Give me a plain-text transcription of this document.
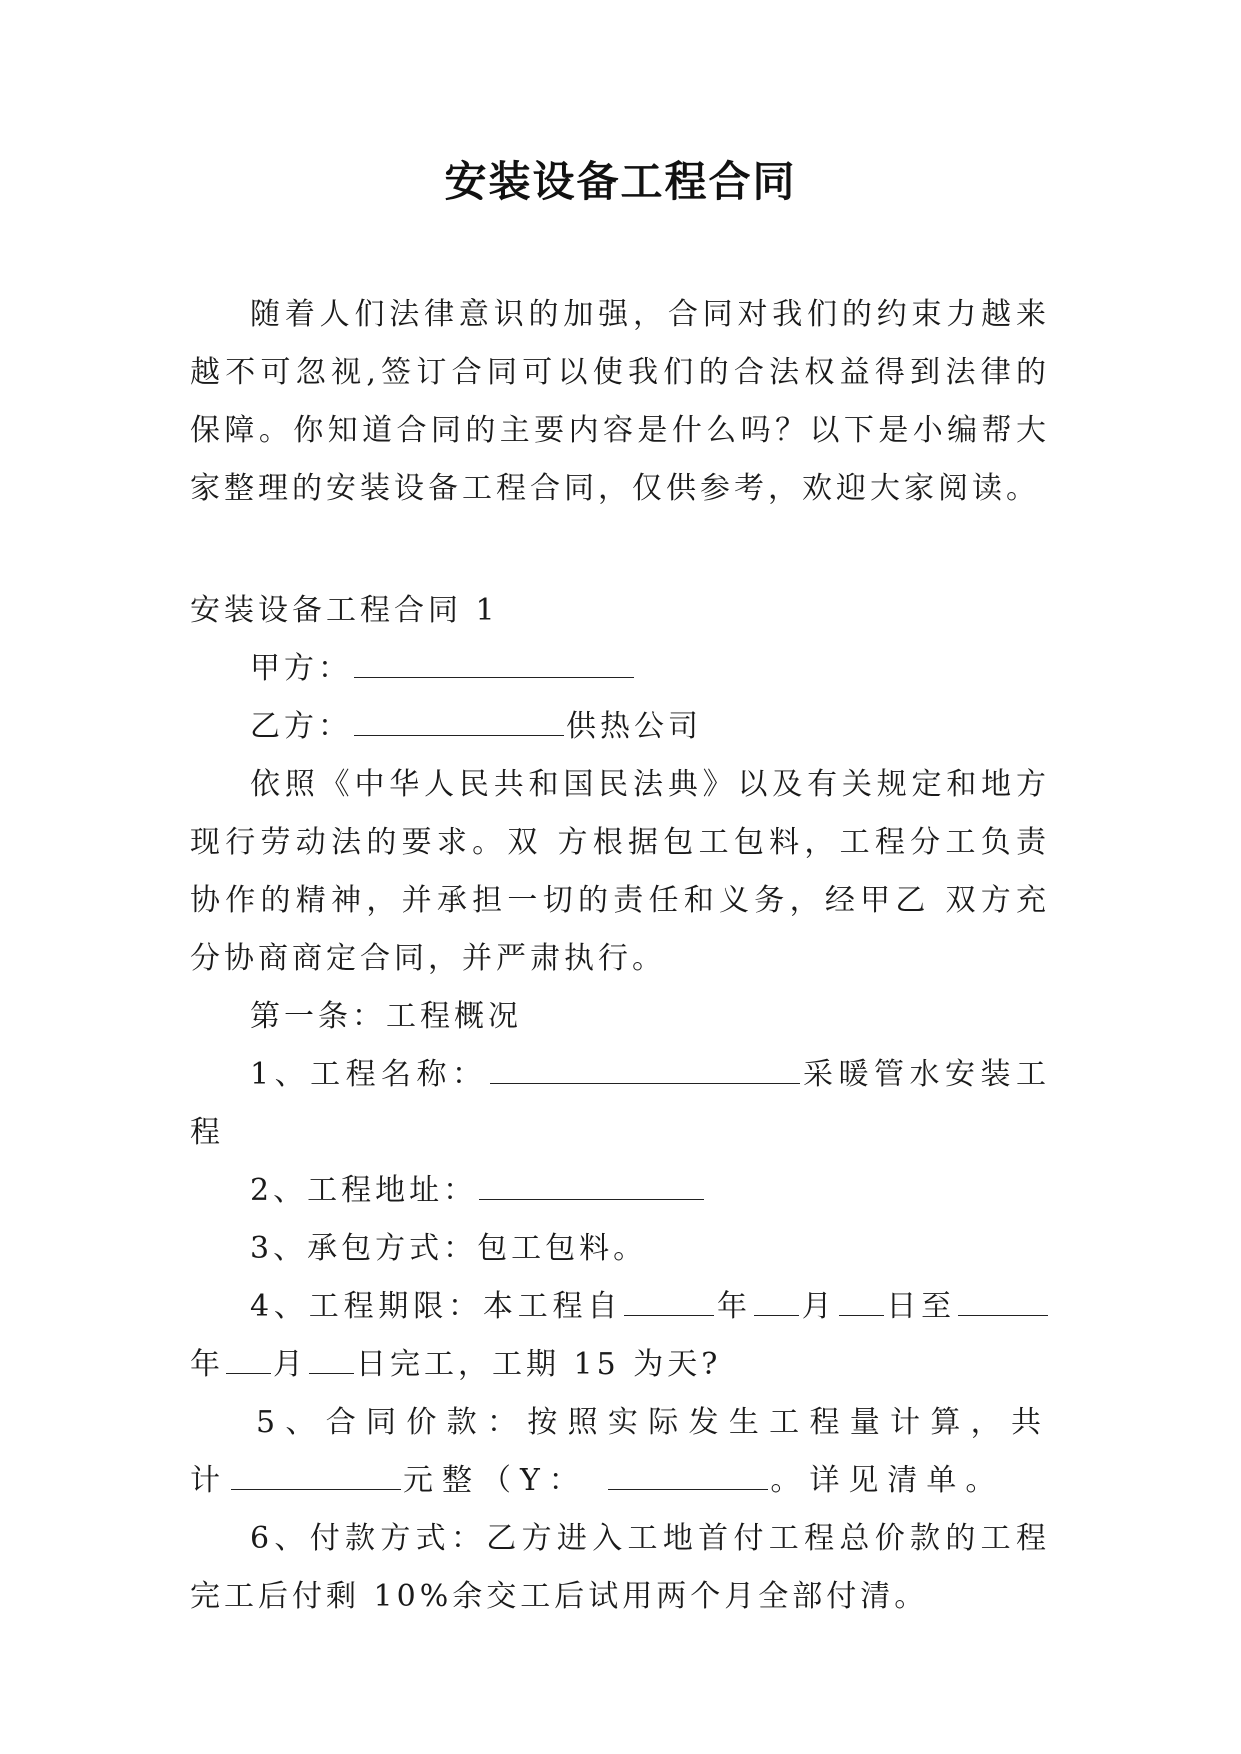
安装设备工程合同

随着人们法律意识的加强，合同对我们的约束力越来越不可忽视,签订合同可以使我们的合法权益得到法律的保障。你知道合同的主要内容是什么吗？以下是小编帮大家整理的安装设备工程合同，仅供参考，欢迎大家阅读。

安装设备工程合同 1

甲方：

乙方：	供热公司

依照《中华人民共和国民法典》以及有关规定和地方现行劳动法的要求。双 方根据包工包料，工程分工负责协作的精神，并承担一切的责任和义务，经甲乙 双方充分协商商定合同，并严肃执行。

第一条：工程概况

1、工程名称：	采暖管水安装工程

2、工程地址：

3、承包方式：包工包料。

4、工程期限：本工程自	年 月 日至年 月 日完工，工期 15 为天?

5、合同价款：按照实际发生工程量计算，共计	元整（Y：	。详见清单。

6、付款方式：乙方进入工地首付工程总价款的工程完工后付剩 10%余交工后试用两个月全部付清。
